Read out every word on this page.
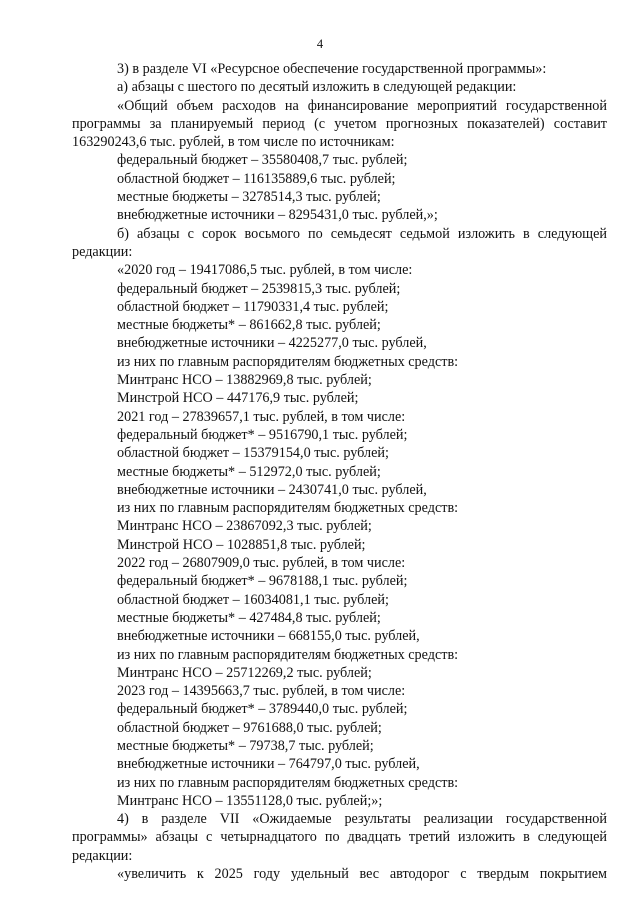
4
3) в разделе VI «Ресурсное обеспечение государственной программы»:
а) абзацы с шестого по десятый изложить в следующей редакции:
«Общий объем расходов на финансирование мероприятий государственной
программы за планируемый период (с учетом прогнозных показателей) составит
163290243,6 тыс. рублей, в том числе по источникам:
федеральный бюджет – 35580408,7 тыс. рублей;
областной бюджет – 116135889,6 тыс. рублей;
местные бюджеты – 3278514,3 тыс. рублей;
внебюджетные источники – 8295431,0 тыс. рублей,»;
б) абзацы с сорок восьмого по семьдесят седьмой изложить в следующей
редакции:
«2020 год – 19417086,5 тыс. рублей, в том числе:
федеральный бюджет – 2539815,3 тыс. рублей;
областной бюджет – 11790331,4 тыс. рублей;
местные бюджеты* – 861662,8 тыс. рублей;
внебюджетные источники – 4225277,0 тыс. рублей,
из них по главным распорядителям бюджетных средств:
Минтранс НСО – 13882969,8 тыс. рублей;
Минстрой НСО – 447176,9 тыс. рублей;
2021 год – 27839657,1 тыс. рублей, в том числе:
федеральный бюджет* – 9516790,1 тыс. рублей;
областной бюджет – 15379154,0 тыс. рублей;
местные бюджеты* – 512972,0 тыс. рублей;
внебюджетные источники – 2430741,0 тыс. рублей,
из них по главным распорядителям бюджетных средств:
Минтранс НСО – 23867092,3 тыс. рублей;
Минстрой НСО – 1028851,8 тыс. рублей;
2022 год – 26807909,0 тыс. рублей, в том числе:
федеральный бюджет* – 9678188,1 тыс. рублей;
областной бюджет – 16034081,1 тыс. рублей;
местные бюджеты* – 427484,8 тыс. рублей;
внебюджетные источники – 668155,0 тыс. рублей,
из них по главным распорядителям бюджетных средств:
Минтранс НСО – 25712269,2 тыс. рублей;
2023 год – 14395663,7 тыс. рублей, в том числе:
федеральный бюджет* – 3789440,0 тыс. рублей;
областной бюджет – 9761688,0 тыс. рублей;
местные бюджеты* – 79738,7 тыс. рублей;
внебюджетные источники – 764797,0 тыс. рублей,
из них по главным распорядителям бюджетных средств:
Минтранс НСО – 13551128,0 тыс. рублей;»;
4) в разделе VII «Ожидаемые результаты реализации государственной
программы» абзацы с четырнадцатого по двадцать третий изложить в следующей
редакции:
«увеличить к 2025 году удельный вес автодорог с твердым покрытием
